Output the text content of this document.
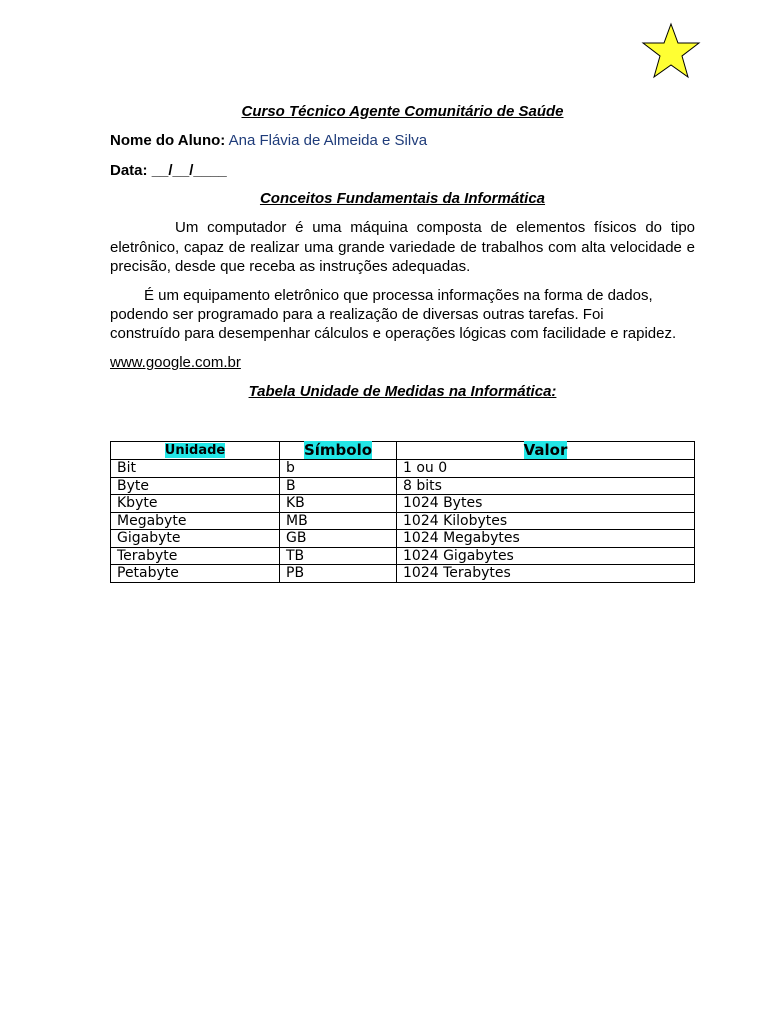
Curso Técnico Agente Comunitário de Saúde
Nome do Aluno: Ana Flávia de Almeida e Silva
Data: __/__/____
Conceitos Fundamentais da Informática
Um computador é uma máquina composta de elementos físicos do tipo eletrônico, capaz de realizar uma grande variedade de trabalhos com alta velocidade e precisão, desde que receba as instruções adequadas.
É um equipamento eletrônico que processa informações na forma de dados,
podendo ser programado para a realização de diversas outras tarefas. Foi
construído para desempenhar cálculos e operações lógicas com facilidade e rapidez.
www.google.com.br
Tabela Unidade de Medidas na Informática:
Unidade	Símbolo	Valor
Bit	b	1 ou 0
Byte	B	8 bits
Kbyte	KB	1024 Bytes
Megabyte	MB	1024 Kilobytes
Gigabyte	GB	1024 Megabytes
Terabyte	TB	1024 Gigabytes
Petabyte	PB	1024 Terabytes
